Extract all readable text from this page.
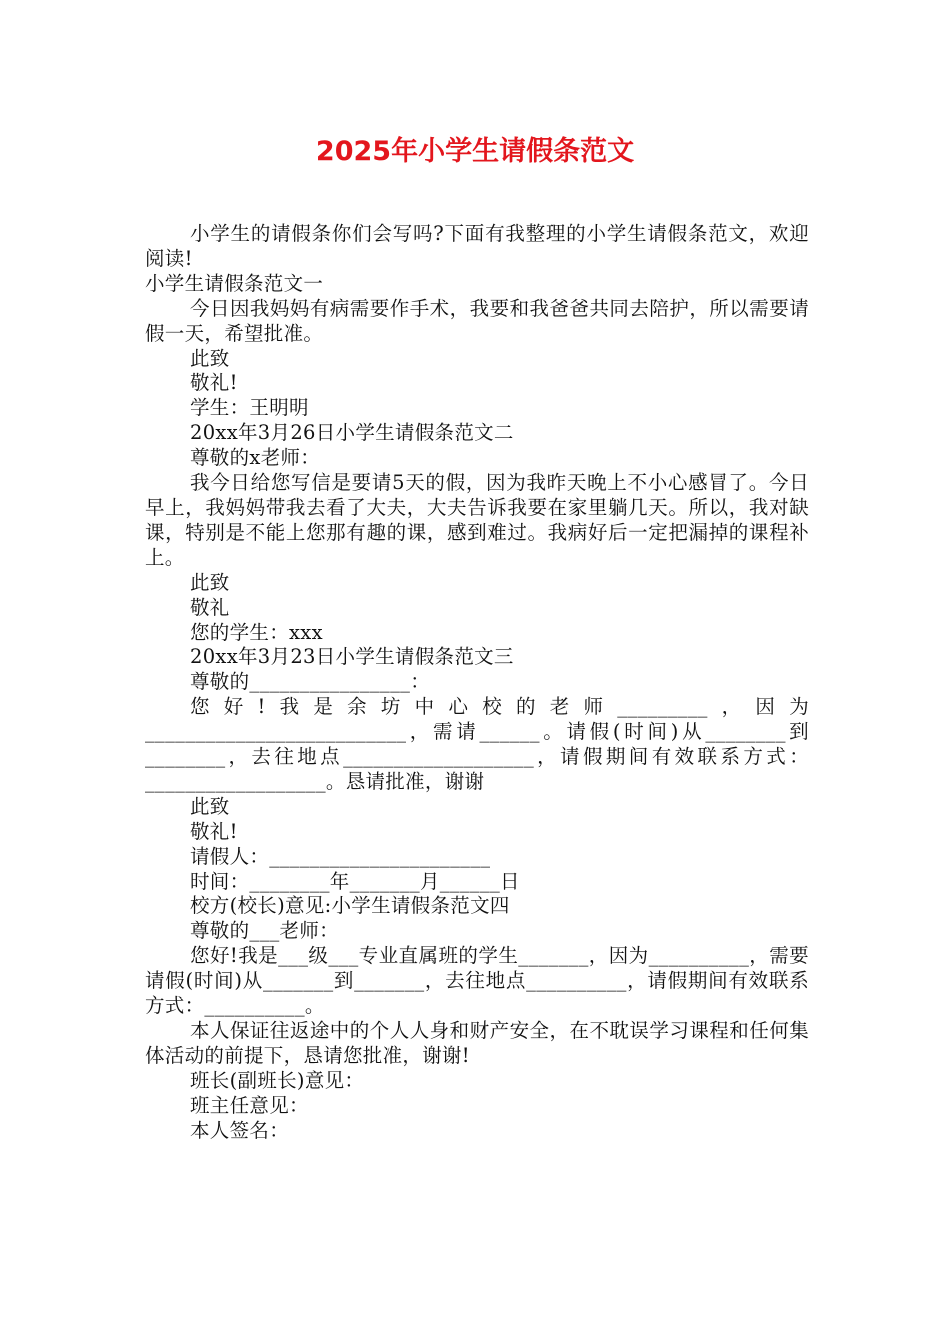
2025年小学生请假条范文

小学生的请假条你们会写吗?下面有我整理的小学生请假条范文，欢迎阅读!

小学生请假条范文一

今日因我妈妈有病需要作手术，我要和我爸爸共同去陪护，所以需要请假一天，希望批准。

此致

敬礼!

学生：王明明

20xx年3月26日小学生请假条范文二

尊敬的x老师：

我今日给您写信是要请5天的假，因为我昨天晚上不小心感冒了。今日早上，我妈妈带我去看了大夫，大夫告诉我要在家里躺几天。所以，我对缺课，特别是不能上您那有趣的课，感到难过。我病好后一定把漏掉的课程补上。

此致

敬礼

您的学生：xxx

20xx年3月23日小学生请假条范文三

尊敬的________________：

您好!我是余坊中心校的老师_________，因为__________________________，需请______。请假(时间)从________到________，去往地点___________________，请假期间有效联系方式：__________________。恳请批准，谢谢

此致

敬礼!

请假人：______________________

时间：________年_______月______日

校方(校长)意见:小学生请假条范文四

尊敬的___老师：

您好!我是___级___专业直属班的学生_______，因为__________，需要请假(时间)从_______到_______，去往地点__________，请假期间有效联系方式：__________。

本人保证往返途中的个人人身和财产安全，在不耽误学习课程和任何集体活动的前提下，恳请您批准，谢谢!

班长(副班长)意见：

班主任意见：

本人签名：
